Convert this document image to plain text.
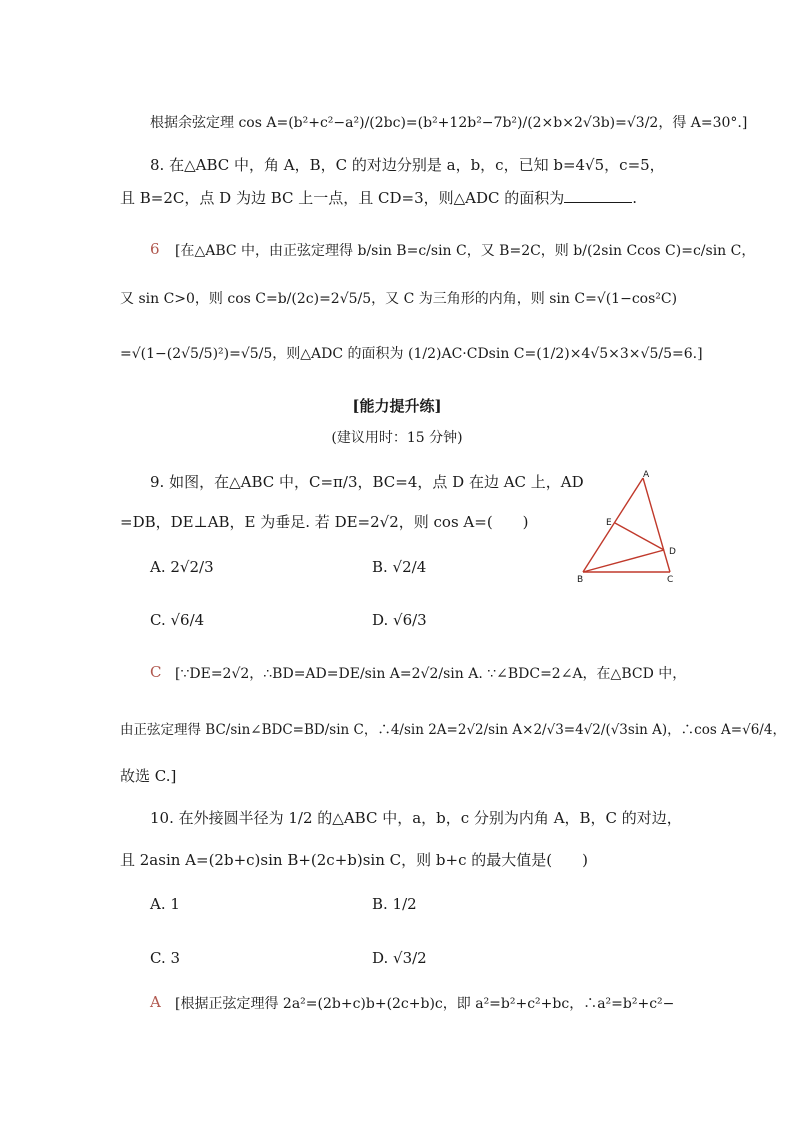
根据余弦定理 cos A=(b²+c²−a²)/(2bc)=(b²+12b²−7b²)/(2×b×2√3b)=√3/2，得 A=30°.]
8. 在△ABC 中，角 A，B，C 的对边分别是 a，b，c，已知 b=4√5，c=5，
且 B=2C，点 D 为边 BC 上一点，且 CD=3，则△ADC 的面积为	.
6 [在△ABC 中，由正弦定理得 b/sin B=c/sin C，又 B=2C，则 b/(2sin Ccos C)=c/sin C，
又 sin C>0，则 cos C=b/(2c)=2√5/5，又 C 为三角形的内角，则 sin C=√(1−cos²C)
=√(1−(2√5/5)²)=√5/5，则△ADC 的面积为 (1/2)AC·CDsin C=(1/2)×4√5×3×√5/5=6.]
[能力提升练]
(建议用时：15 分钟)
9. 如图，在△ABC 中，C=π/3，BC=4，点 D 在边 AC 上，AD
=DB，DE⊥AB，E 为垂足. 若 DE=2√2，则 cos A=(　　)
A. 2√2/3	B. √2/4
C. √6/4	D. √6/3
A
B	C
D
E
C [∵DE=2√2，∴BD=AD=DE/sin A=2√2/sin A. ∵∠BDC=2∠A，在△BCD 中，
由正弦定理得 BC/sin∠BDC=BD/sin C，∴4/sin 2A=2√2/sin A×2/√3=4√2/(√3sin A)，∴cos A=√6/4，
故选 C.]
10. 在外接圆半径为 1/2 的△ABC 中，a，b，c 分别为内角 A，B，C 的对边，
且 2asin A=(2b+c)sin B+(2c+b)sin C，则 b+c 的最大值是(　　)
A. 1	B. 1/2
C. 3	D. √3/2
A [根据正弦定理得 2a²=(2b+c)b+(2c+b)c，即 a²=b²+c²+bc，∴a²=b²+c²−
